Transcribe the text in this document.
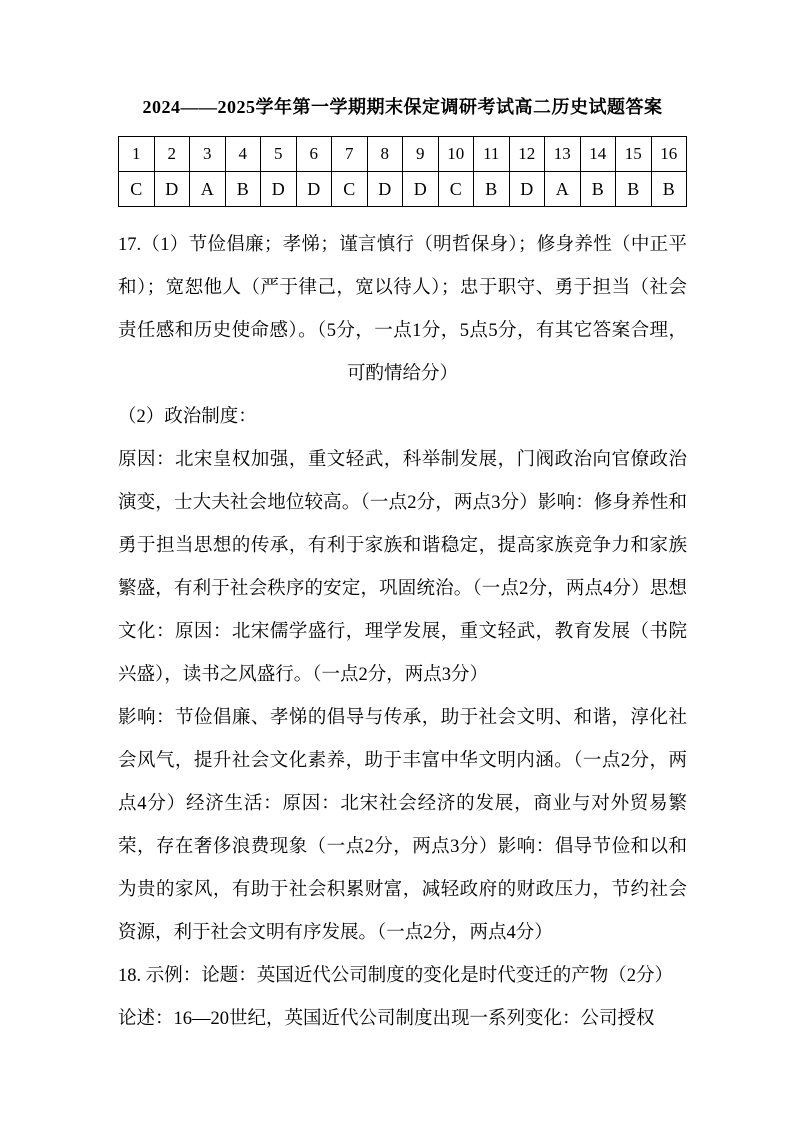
2024——2025学年第一学期期末保定调研考试高二历史试题答案
1	2	3	4	5	6	7	8	9	10	11	12	13	14	15	16
C	D	A	B	D	D	C	D	D	C	B	D	A	B	B	B

17.（1）节俭倡廉；孝悌；谨言慎行（明哲保身）；修身养性（中正平和）；宽恕他人（严于律己，宽以待人）；忠于职守、勇于担当（社会责任感和历史使命感）。（5分，一点1分，5点5分，有其它答案合理，可酌情给分）

（2）政治制度：

原因：北宋皇权加强，重文轻武，科举制发展，门阀政治向官僚政治演变，士大夫社会地位较高。（一点2分，两点3分）影响：修身养性和勇于担当思想的传承，有利于家族和谐稳定，提高家族竞争力和家族繁盛，有利于社会秩序的安定，巩固统治。（一点2分，两点4分）思想文化：原因：北宋儒学盛行，理学发展，重文轻武，教育发展（书院兴盛），读书之风盛行。（一点2分，两点3分）

影响：节俭倡廉、孝悌的倡导与传承，助于社会文明、和谐，淳化社会风气，提升社会文化素养，助于丰富中华文明内涵。（一点2分，两点4分）经济生活：原因：北宋社会经济的发展，商业与对外贸易繁荣，存在奢侈浪费现象（一点2分，两点3分）影响：倡导节俭和以和为贵的家风，有助于社会积累财富，减轻政府的财政压力，节约社会资源，利于社会文明有序发展。（一点2分，两点4分）

18. 示例：论题：英国近代公司制度的变化是时代变迁的产物（2分）

论述：16—20世纪，英国近代公司制度出现一系列变化：公司授权
